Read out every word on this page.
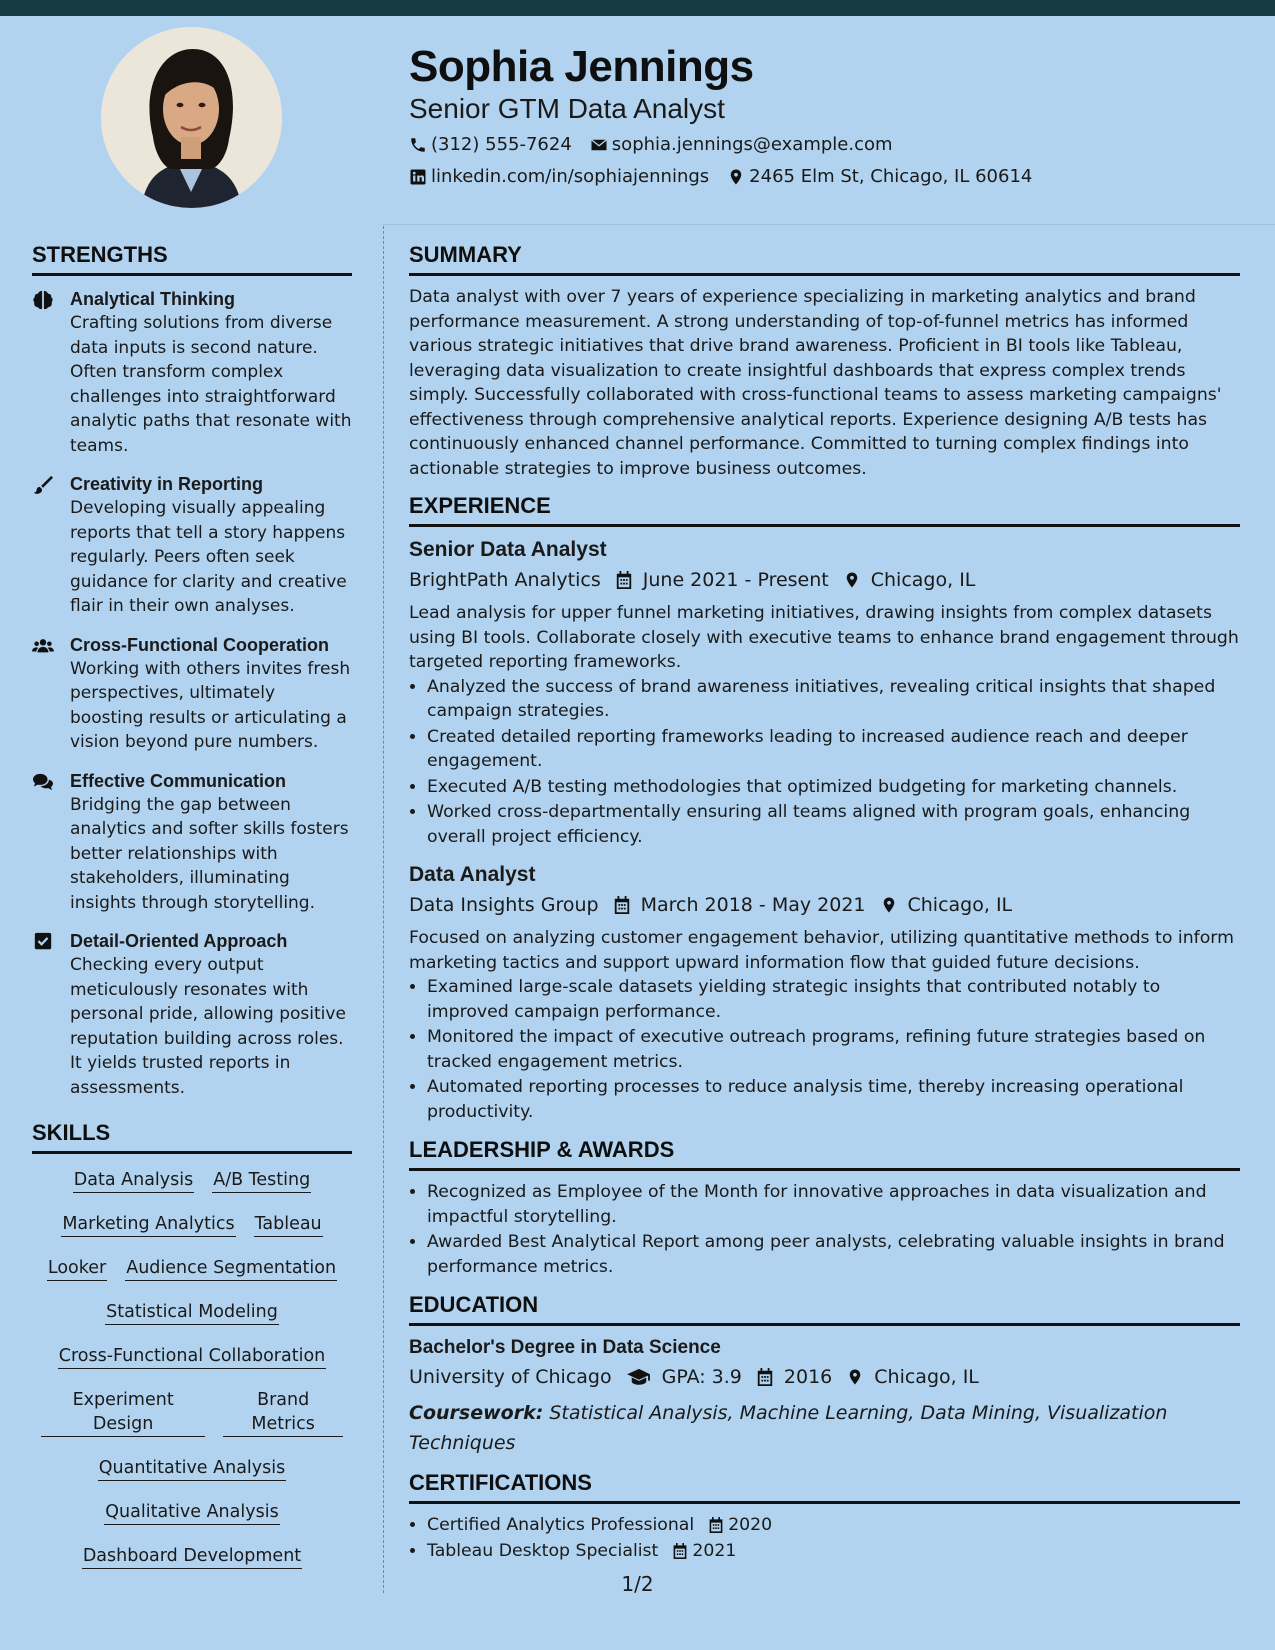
Sophia Jennings
Senior GTM Data Analyst
(312) 555-7624 sophia.jennings@example.com
linkedin.com/in/sophiajennings 2465 Elm St, Chicago, IL 60614
STRENGTHS
Analytical Thinking
Crafting solutions from diverse data inputs is second nature. Often transform complex challenges into straightforward analytic paths that resonate with teams.
Creativity in Reporting
Developing visually appealing reports that tell a story happens regularly. Peers often seek guidance for clarity and creative flair in their own analyses.
Cross-Functional Cooperation
Working with others invites fresh perspectives, ultimately boosting results or articulating a vision beyond pure numbers.
Effective Communication
Bridging the gap between analytics and softer skills fosters better relationships with stakeholders, illuminating insights through storytelling.
Detail-Oriented Approach
Checking every output meticulously resonates with personal pride, allowing positive reputation building across roles. It yields trusted reports in assessments.
SKILLS
Data Analysis A/B Testing
Marketing Analytics Tableau
Looker Audience Segmentation
Statistical Modeling
Cross-Functional Collaboration
Experiment Design
Brand Metrics
Quantitative Analysis
Qualitative Analysis
Dashboard Development
SUMMARY

Data analyst with over 7 years of experience specializing in marketing analytics and brand performance measurement. A strong understanding of top-of-funnel metrics has informed various strategic initiatives that drive brand awareness. Proficient in BI tools like Tableau, leveraging data visualization to create insightful dashboards that express complex trends simply. Successfully collaborated with cross-functional teams to assess marketing campaigns' effectiveness through comprehensive analytical reports. Experience designing A/B tests has continuously enhanced channel performance. Committed to turning complex findings into actionable strategies to improve business outcomes.

EXPERIENCE
Senior Data Analyst
BrightPath Analytics June 2021 - Present Chicago, IL

Lead analysis for upper funnel marketing initiatives, drawing insights from complex datasets using BI tools. Collaborate closely with executive teams to enhance brand engagement through targeted reporting frameworks.

• Analyzed the success of brand awareness initiatives, revealing critical insights that shaped campaign strategies.
• Created detailed reporting frameworks leading to increased audience reach and deeper engagement.
• Executed A/B testing methodologies that optimized budgeting for marketing channels.
• Worked cross-departmentally ensuring all teams aligned with program goals, enhancing overall project efficiency.
Data Analyst
Data Insights Group March 2018 - May 2021 Chicago, IL

Focused on analyzing customer engagement behavior, utilizing quantitative methods to inform marketing tactics and support upward information flow that guided future decisions.

• Examined large-scale datasets yielding strategic insights that contributed notably to improved campaign performance.
• Monitored the impact of executive outreach programs, refining future strategies based on tracked engagement metrics.
• Automated reporting processes to reduce analysis time, thereby increasing operational productivity.
LEADERSHIP & AWARDS
• Recognized as Employee of the Month for innovative approaches in data visualization and impactful storytelling.
• Awarded Best Analytical Report among peer analysts, celebrating valuable insights in brand performance metrics.
EDUCATION
Bachelor's Degree in Data Science
University of Chicago	GPA: 3.9 2016 Chicago, IL
Coursework: Statistical Analysis, Machine Learning, Data Mining, Visualization Techniques
CERTIFICATIONS
• Certified Analytics Professional 2020
• Tableau Desktop Specialist 2021
1/2
